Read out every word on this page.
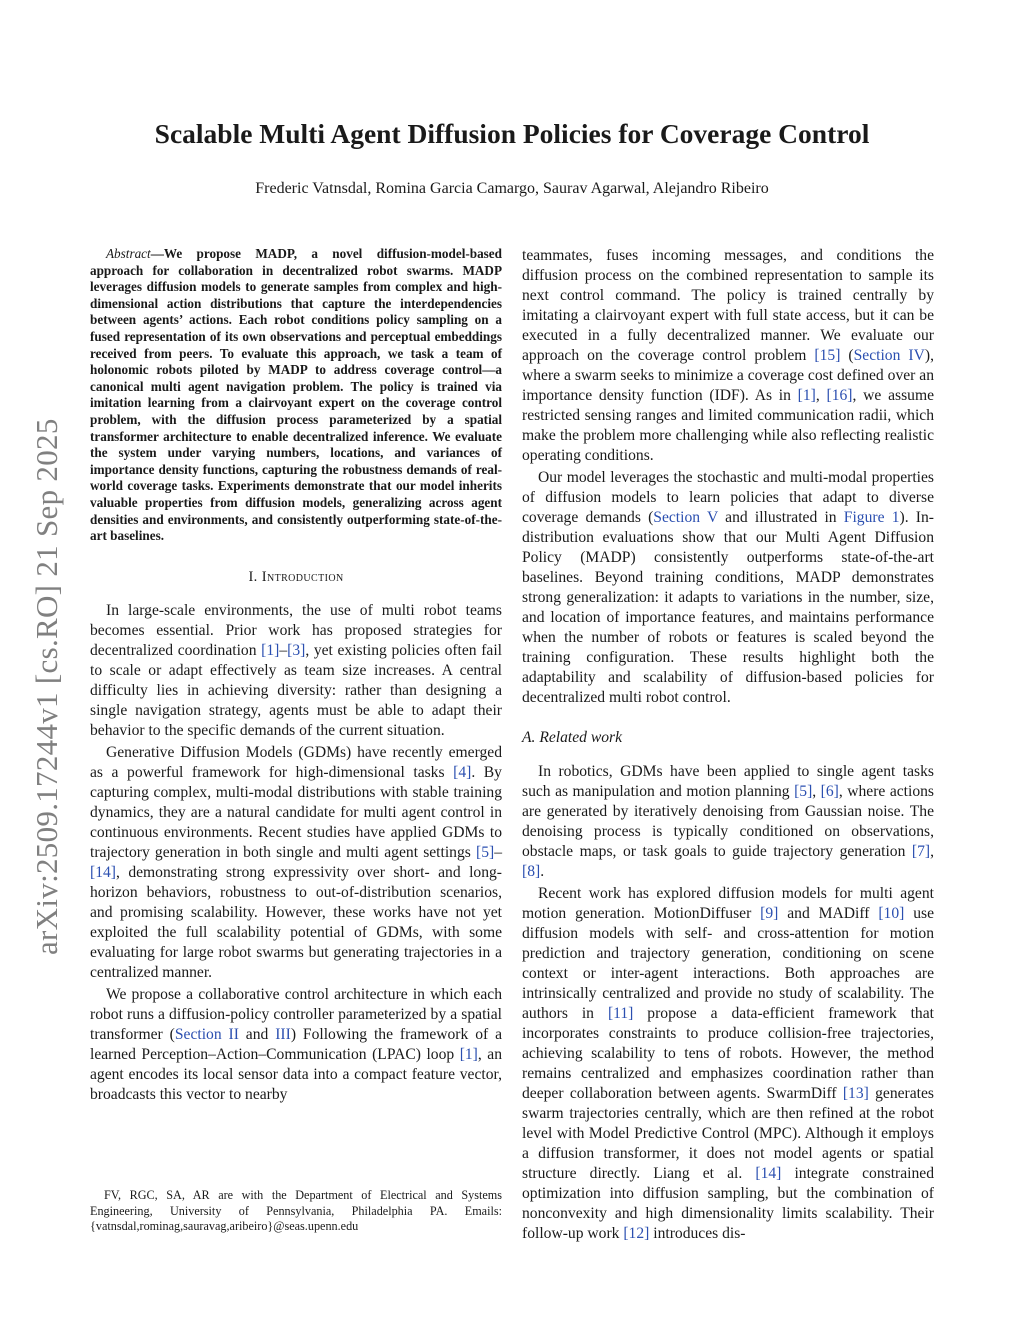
arXiv:2509.17244v1 [cs.RO] 21 Sep 2025
Scalable Multi Agent Diffusion Policies for Coverage Control
Frederic Vatnsdal, Romina Garcia Camargo, Saurav Agarwal, Alejandro Ribeiro

Abstract—We propose MADP, a novel diffusion-model-based approach for collaboration in decentralized robot swarms. MADP leverages diffusion models to generate samples from complex and high-dimensional action distributions that capture the interdependencies between agents’ actions. Each robot conditions policy sampling on a fused representation of its own observations and perceptual embeddings received from peers. To evaluate this approach, we task a team of holonomic robots piloted by MADP to address coverage control—a canonical multi agent navigation problem. The policy is trained via imitation learning from a clairvoyant expert on the coverage control problem, with the diffusion process parameterized by a spatial transformer architecture to enable decentralized inference. We evaluate the system under varying numbers, locations, and variances of importance density functions, capturing the robustness demands of real-world coverage tasks. Experiments demonstrate that our model inherits valuable properties from diffusion models, generalizing across agent densities and environments, and consistently outperforming state-of-the-art baselines.

I. Introduction

In large-scale environments, the use of multi robot teams becomes essential. Prior work has proposed strategies for decentralized coordination [1]–[3], yet existing policies often fail to scale or adapt effectively as team size increases. A central difficulty lies in achieving diversity: rather than designing a single navigation strategy, agents must be able to adapt their behavior to the specific demands of the current situation.

Generative Diffusion Models (GDMs) have recently emerged as a powerful framework for high-dimensional tasks [4]. By capturing complex, multi-modal distributions with stable training dynamics, they are a natural candidate for multi agent control in continuous environments. Recent studies have applied GDMs to trajectory generation in both single and multi agent settings [5]–[14], demonstrating strong expressivity over short- and long-horizon behaviors, robustness to out-of-distribution scenarios, and promising scalability. However, these works have not yet exploited the full scalability potential of GDMs, with some evaluating for large robot swarms but generating trajectories in a centralized manner.

We propose a collaborative control architecture in which each robot runs a diffusion-policy controller parameterized by a spatial transformer (Section II and III) Following the framework of a learned Perception–Action–Communication (LPAC) loop [1], an agent encodes its local sensor data into a compact feature vector, broadcasts this vector to nearby

FV, RGC, SA, AR are with the Department of Electrical and Systems Engineering, University of Pennsylvania, Philadelphia PA. Emails: {vatnsdal,rominag,sauravag,aribeiro}@seas.upenn.edu

teammates, fuses incoming messages, and conditions the diffusion process on the combined representation to sample its next control command. The policy is trained centrally by imitating a clairvoyant expert with full state access, but it can be executed in a fully decentralized manner. We evaluate our approach on the coverage control problem [15] (Section IV), where a swarm seeks to minimize a coverage cost defined over an importance density function (IDF). As in [1], [16], we assume restricted sensing ranges and limited communication radii, which make the problem more challenging while also reflecting realistic operating conditions.

Our model leverages the stochastic and multi-modal properties of diffusion models to learn policies that adapt to diverse coverage demands (Section V and illustrated in Figure 1). In-distribution evaluations show that our Multi Agent Diffusion Policy (MADP) consistently outperforms state-of-the-art baselines. Beyond training conditions, MADP demonstrates strong generalization: it adapts to variations in the number, size, and location of importance features, and maintains performance when the number of robots or features is scaled beyond the training configuration. These results highlight both the adaptability and scalability of diffusion-based policies for decentralized multi robot control.

A. Related work

In robotics, GDMs have been applied to single agent tasks such as manipulation and motion planning [5], [6], where actions are generated by iteratively denoising from Gaussian noise. The denoising process is typically conditioned on observations, obstacle maps, or task goals to guide trajectory generation [7], [8].

Recent work has explored diffusion models for multi agent motion generation. MotionDiffuser [9] and MADiff [10] use diffusion models with self- and cross-attention for motion prediction and trajectory generation, conditioning on scene context or inter-agent interactions. Both approaches are intrinsically centralized and provide no study of scalability. The authors in [11] propose a data-efficient framework that incorporates constraints to produce collision-free trajectories, achieving scalability to tens of robots. However, the method remains centralized and emphasizes coordination rather than deeper collaboration between agents. SwarmDiff [13] generates swarm trajectories centrally, which are then refined at the robot level with Model Predictive Control (MPC). Although it employs a diffusion transformer, it does not model agents or spatial structure directly. Liang et al. [14] integrate constrained optimization into diffusion sampling, but the combination of nonconvexity and high dimensionality limits scalability. Their follow-up work [12] introduces dis-
